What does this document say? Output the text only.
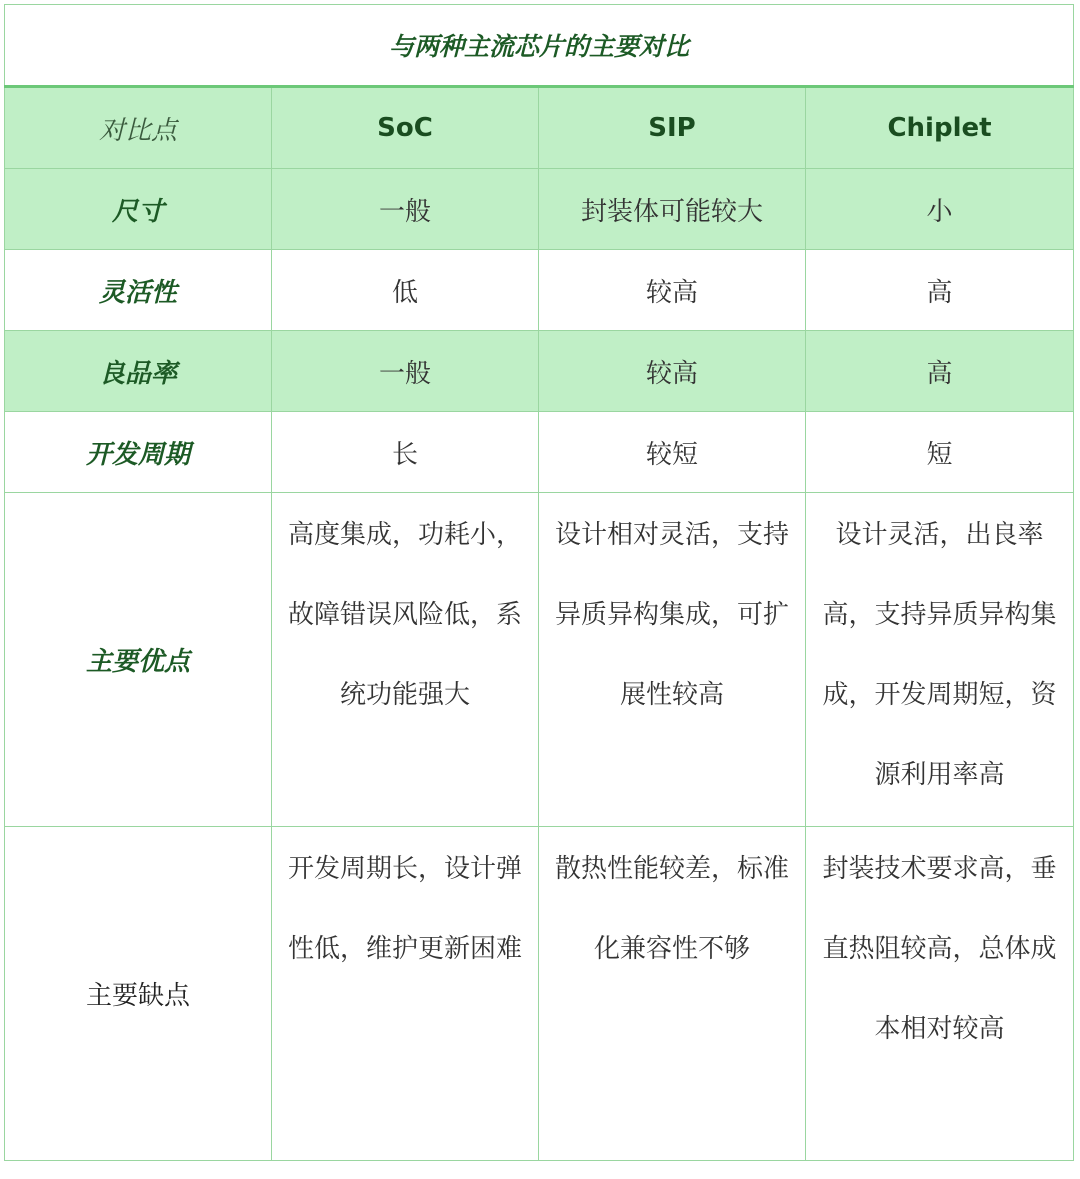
与两种主流芯片的主要对比			
对比点	SoC	SIP	Chiplet
尺寸	一般	封装体可能较大	小
灵活性	低	较高	高
良品率	一般	较高	高
开发周期	长	较短	短
主要优点	高度集成，功耗小，故障错误风险低，系统功能强大	设计相对灵活，支持异质异构集成，可扩展性较高	设计灵活，出良率高，支持异质异构集成，开发周期短，资源利用率高

主要缺点	开发周期长，设计弹性低，维护更新困难	散热性能较差，标准化兼容性不够	封装技术要求高，垂直热阻较高，总体成本相对较高
